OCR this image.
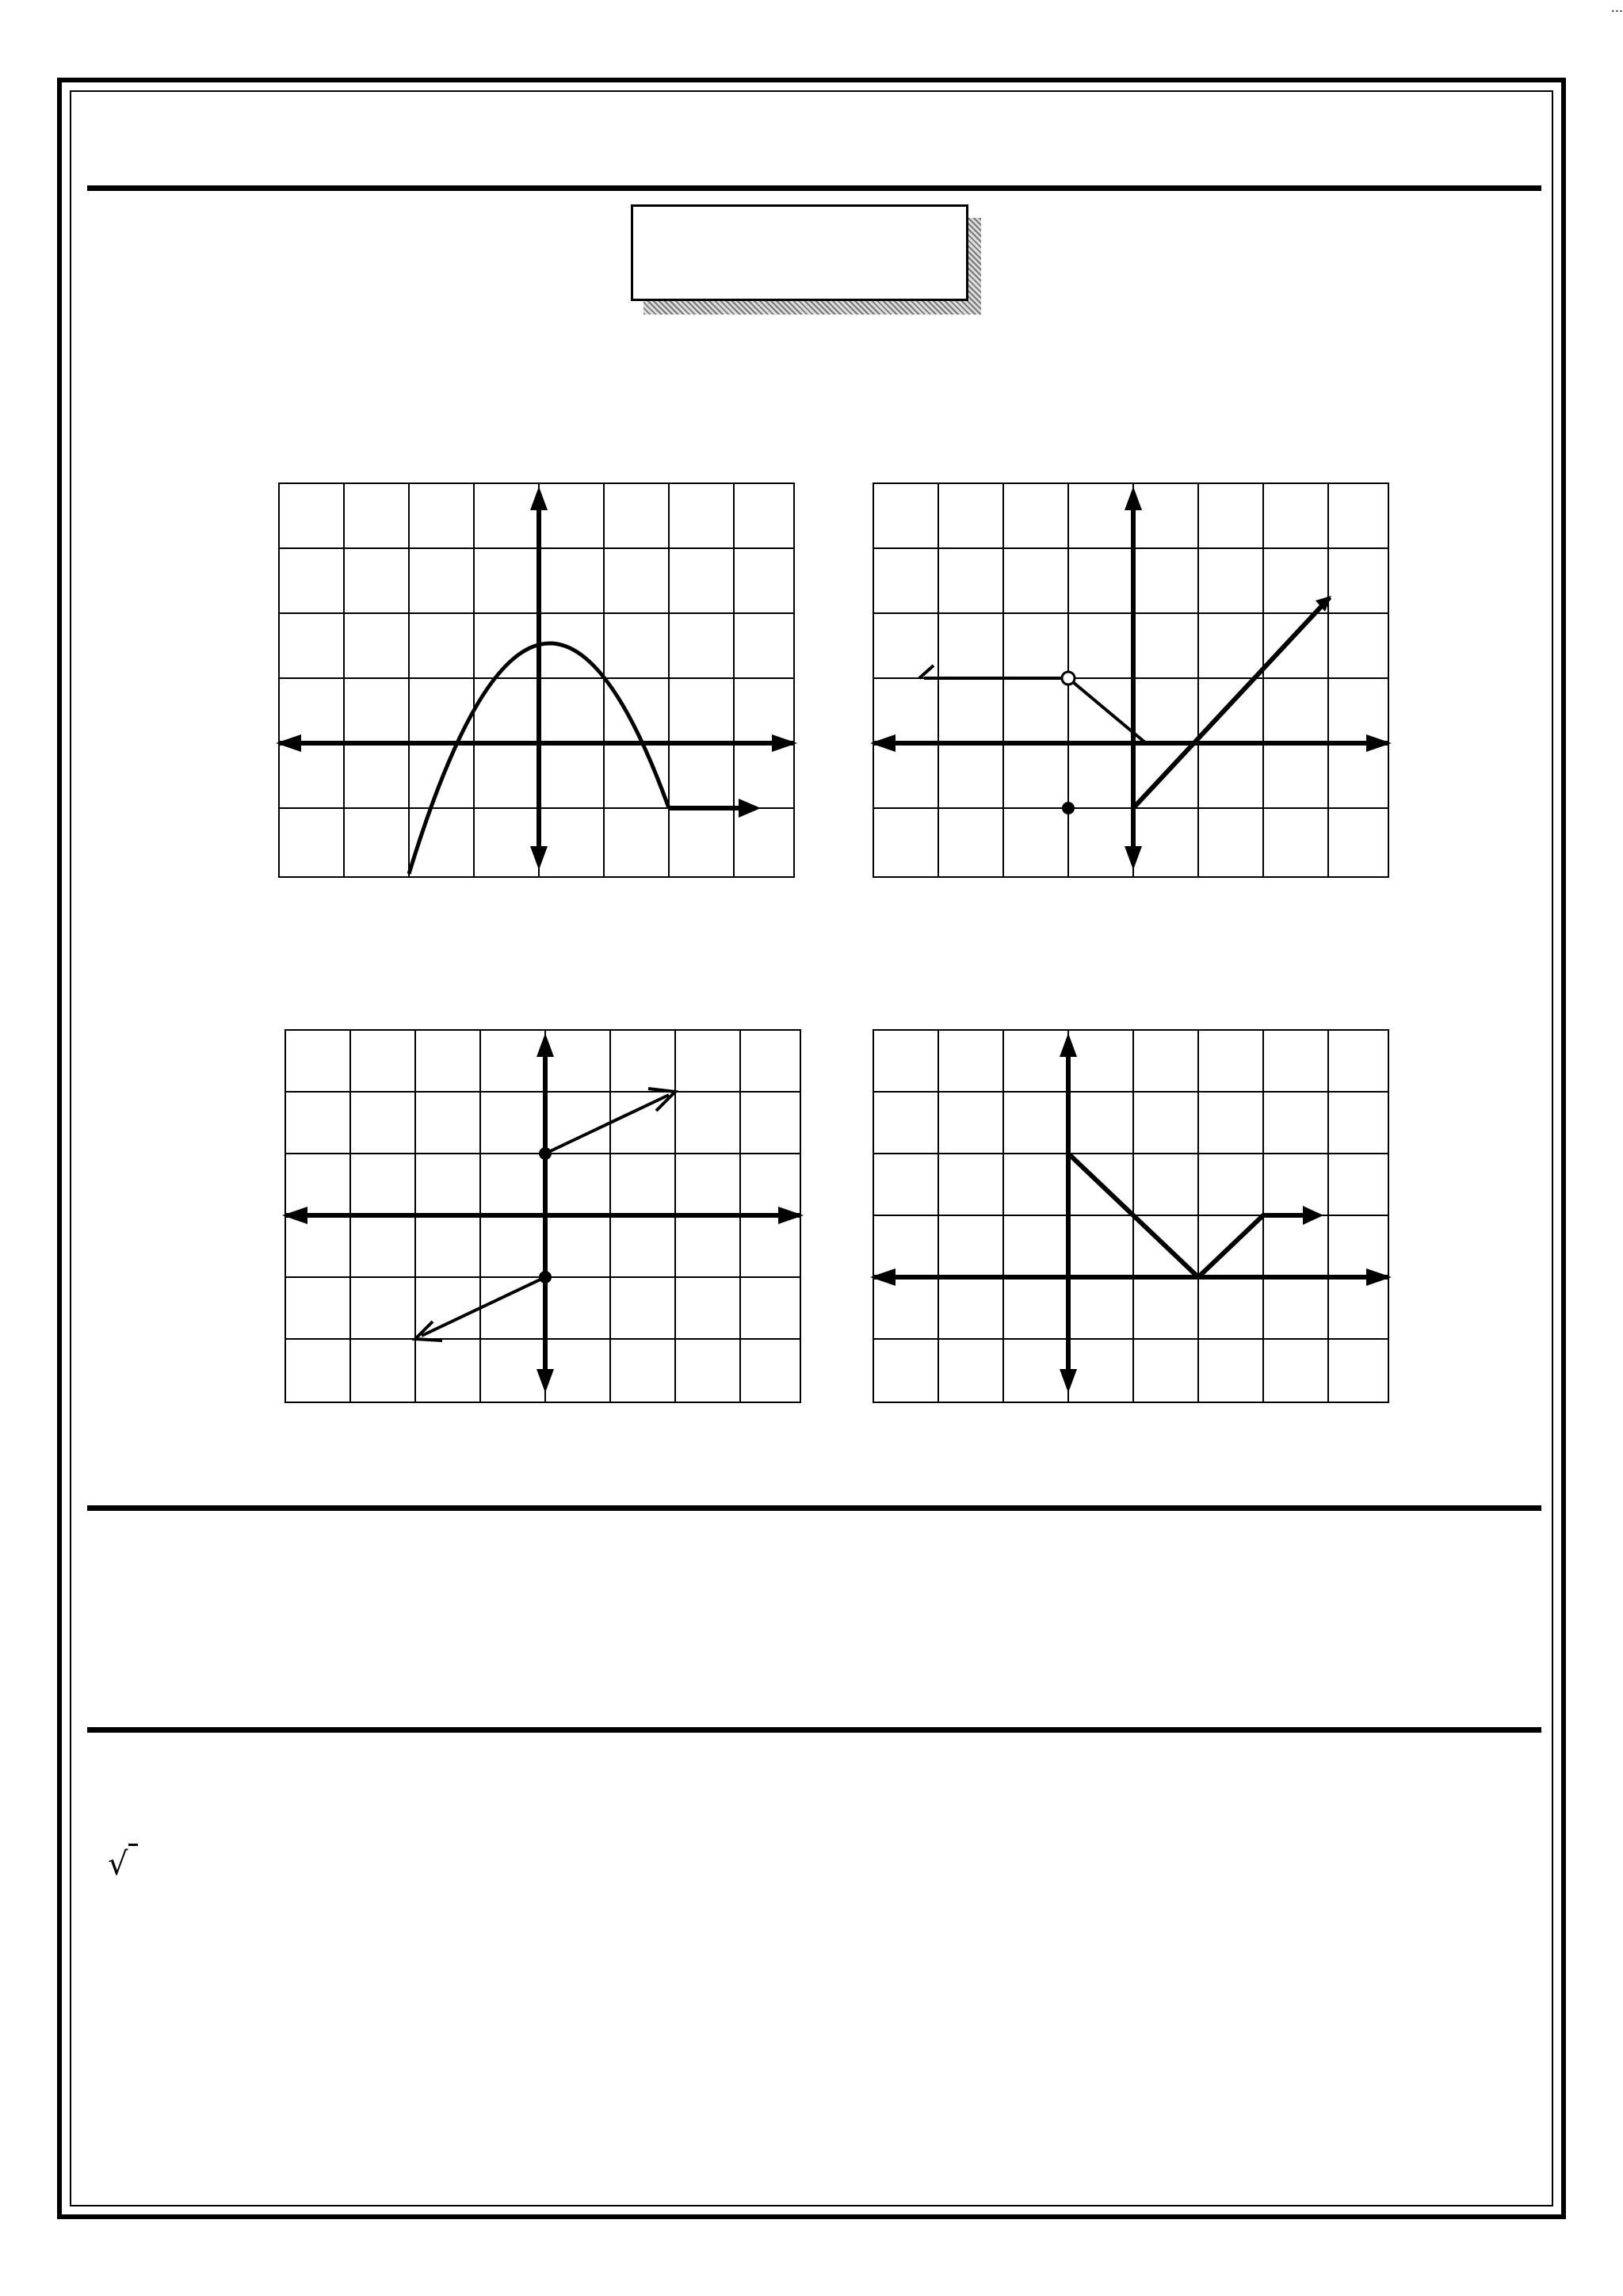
√
...
